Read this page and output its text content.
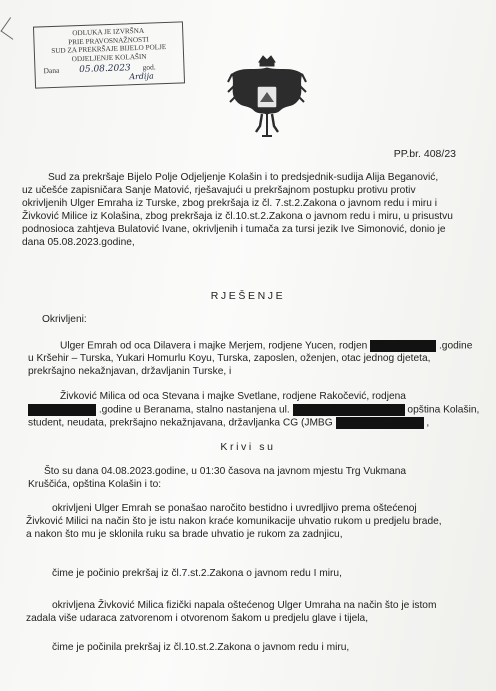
ODLUKA JE IZVRŠNA
PRIE PRAVOSNAŽNOSTI
SUD ZA PREKRŠAJE BIJELO POLJE
ODJELJENJE KOLAŠIN
Dana 05.08.2023 god.
Ardija
PP.br. 408/23
Sud za prekršaje Bijelo Polje Odjeljenje Kolašin i to predsjednik-sudija Alija Beganović,
uz učešće zapisničara Sanje Matović, rješavajući u prekršajnom postupku protivu protiv
okrivljenih Ulger Emraha iz Turske, zbog prekršaja iz čl. 7.st.2.Zakona o javnom redu i miru i
Živković Milice iz Kolašina, zbog prekršaja iz čl.10.st.2.Zakona o javnom redu i miru, u prisustvu
podnosioca zahtjeva Bulatović Ivane, okrivljenih i tumača za tursi jezik Ive Simonović, donio je
dana 05.08.2023.godine,
RJEŠENJE
Okrivljeni:
Ulger Emrah od oca Dilavera i majke Merjem, rodjene Yucen, rodjen	.godine
u Kršehir – Turska, Yukari Homurlu Koyu, Turska, zaposlen, oženjen, otac jednog djeteta,
prekršajno nekažnjavan, državljanin Turske, i
Živković Milica od oca Stevana i majke Svetlane, rodjene Rakočević, rodjena
.godine u Beranama, stalno nastanjena ul.	opština Kolašin,
student, neudata, prekršajno nekažnjavana, državljanka CG (JMBG	,
Krivi su
Što su dana 04.08.2023.godine, u 01:30 časova na javnom mjestu Trg Vukmana
Kruščića, opština Kolašin i to:
okrivljeni Ulger Emrah se ponašao naročito bestidno i uvredljivo prema oštećenoj
Živković Milici na način što je istu nakon kraće komunikacije uhvatio rukom u predjelu brade,
a nakon što mu je sklonila ruku sa brade uhvatio je rukom za zadnjicu,
čime je počinio prekršaj iz čl.7.st.2.Zakona o javnom redu I miru,
okrivljena Živković Milica fizički napala oštećenog Ulger Umraha na način što je istom
zadala više udaraca zatvorenom i otvorenom šakom u predjelu glave i tijela,
čime je počinila prekršaj iz čl.10.st.2.Zakona o javnom redu i miru,
